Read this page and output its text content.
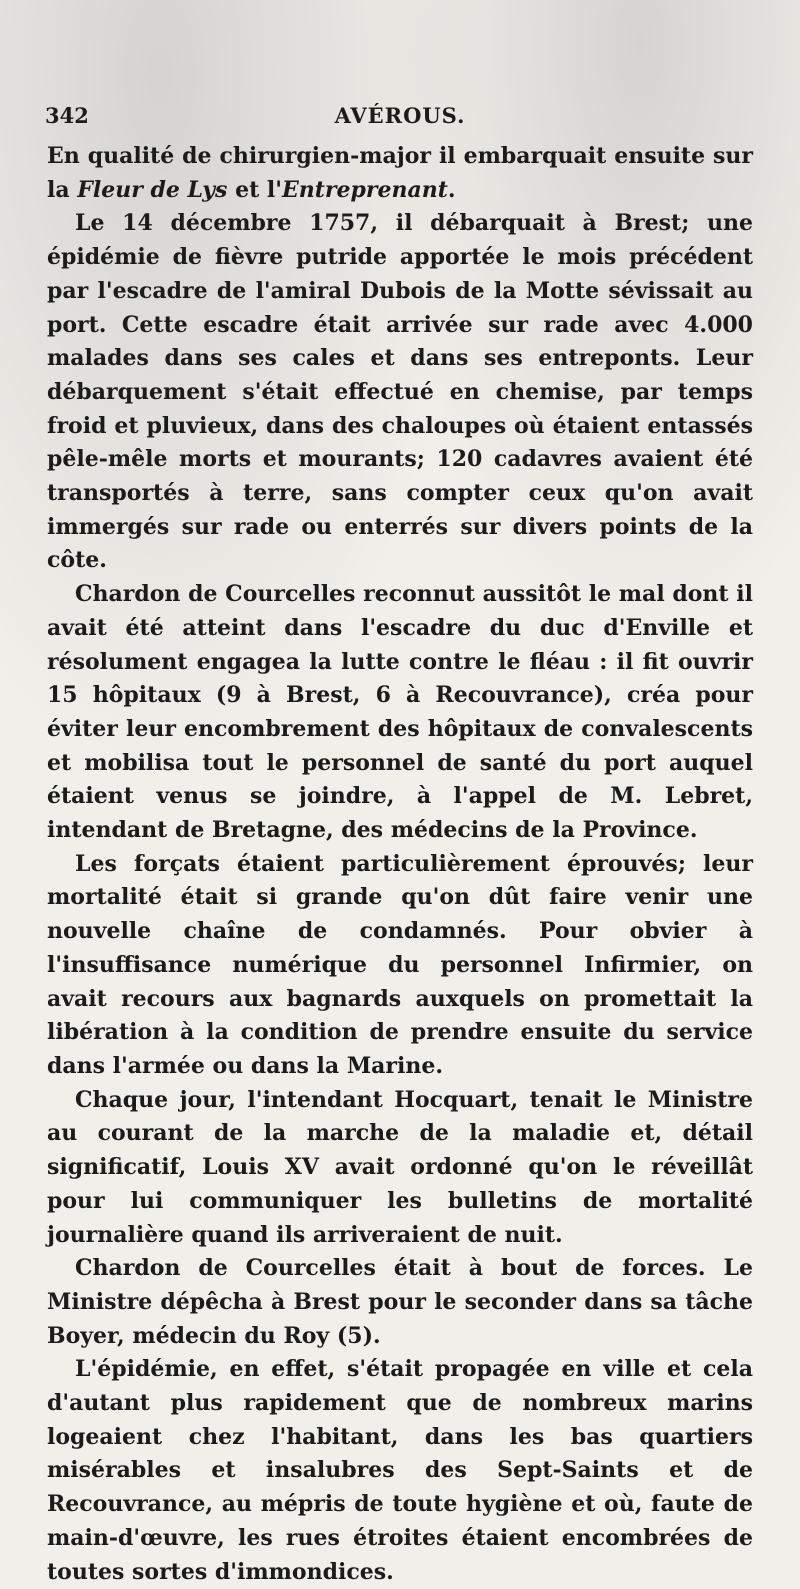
342	AVÉROUS.

En qualité de chirurgien-major il embarquait ensuite sur la Fleur de Lys et l'Entreprenant.

Le 14 décembre 1757, il débarquait à Brest; une épidémie de fièvre putride apportée le mois précédent par l'escadre de l'amiral Dubois de la Motte sévissait au port. Cette escadre était arrivée sur rade avec 4.000 malades dans ses cales et dans ses entreponts. Leur débarquement s'était effectué en chemise, par temps froid et pluvieux, dans des chaloupes où étaient entassés pêle-mêle morts et mourants; 120 cadavres avaient été transportés à terre, sans compter ceux qu'on avait immergés sur rade ou enterrés sur divers points de la côte.

Chardon de Courcelles reconnut aussitôt le mal dont il avait été atteint dans l'escadre du duc d'Enville et résolument engagea la lutte contre le fléau : il fit ouvrir 15 hôpitaux (9 à Brest, 6 à Recouvrance), créa pour éviter leur encombrement des hôpitaux de convalescents et mobilisa tout le personnel de santé du port auquel étaient venus se joindre, à l'appel de M. Lebret, intendant de Bretagne, des médecins de la Province.

Les forçats étaient particulièrement éprouvés; leur mortalité était si grande qu'on dût faire venir une nouvelle chaîne de condamnés. Pour obvier à l'insuffisance numérique du personnel Infirmier, on avait recours aux bagnards auxquels on promettait la libération à la condition de prendre ensuite du service dans l'armée ou dans la Marine.

Chaque jour, l'intendant Hocquart, tenait le Ministre au courant de la marche de la maladie et, détail significatif, Louis XV avait ordonné qu'on le réveillât pour lui communiquer les bulletins de mortalité journalière quand ils arriveraient de nuit.

Chardon de Courcelles était à bout de forces. Le Ministre dépêcha à Brest pour le seconder dans sa tâche Boyer, médecin du Roy (5).

L'épidémie, en effet, s'était propagée en ville et cela d'autant plus rapidement que de nombreux marins logeaient chez l'habitant, dans les bas quartiers misérables et insalubres des Sept-Saints et de Recouvrance, au mépris de toute hygiène et où, faute de main-d'œuvre, les rues étroites étaient encombrées de toutes sortes d'immondices.
